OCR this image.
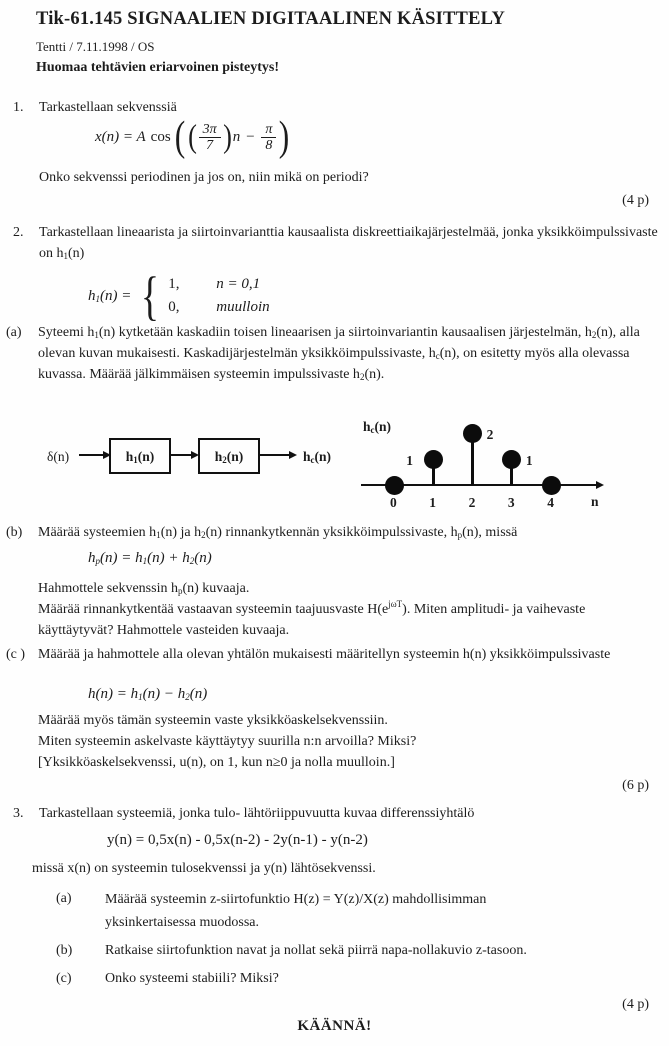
Tik-61.145 SIGNAALIEN DIGITAALINEN KÄSITTELY
Tentti / 7.11.1998 / OS
Huomaa tehtävien eriarvoinen pisteytys!
1. Tarkastellaan sekvenssiä
x(n) = A cos ( ( $\frac{3\pi}{7}$ ) $n - \frac{\pi}{8}$ )
Onko sekvenssi periodinen ja jos on, niin mikä on periodi?
(4 p)
2. Tarkastellaan lineaarista ja siirtoinvarianttia kausaalista diskreettiaikajärjestelmää, jonka yksikköimpulssivaste on $h_1(n)$
$h_1(n)$ = { 1,	n = 0,1
0,	muulloin
(a) Syteemi $h_1(n)$ kytketään kaskadiin toisen lineaarisen ja siirtoinvariantin kausaalisen järjestelmän, $h_2(n)$, alla olevan kuvan mukaisesti. Kaskadijärjestelmän yksikköimpulssivaste, $h_c(n)$, on esitetty myös alla olevassa kuvassa. Määrää jälkimmäisen systeemin impulssivaste $h_2(n)$.
δ(n)	$h_1(n)$	$h_2(n)$	$h_c(n)$
$h_c(n)$
n
0 1
1
2
2
3
1
4
(b) Määrää systeemien $h_1(n)$ ja $h_2(n)$ rinnankytkennän yksikköimpulssivaste, $h_p(n)$, missä
$h_p(n) = h_1(n) + h_2(n)$
Hahmottele sekvenssin $h_p(n)$ kuvaaja.
Määrää rinnankytkentää vastaavan systeemin taajuusvaste $H(e^{j\omega T})$. Miten amplitudi- ja vaihevaste käyttäytyvät? Hahmottele vasteiden kuvaaja.
(c ) Määrää ja hahmottele alla olevan yhtälön mukaisesti määritellyn systeemin h(n) yksikköimpulssivaste
$h(n) = h_1(n) - h_2(n)$
Määrää myös tämän systeemin vaste yksikköaskelsekvenssiin.
Miten systeemin askelvaste käyttäytyy suurilla n:n arvoilla? Miksi?
[Yksikköaskelsekvenssi, u(n), on 1, kun n≥0 ja nolla muulloin.]
(6 p)
3. Tarkastellaan systeemiä, jonka tulo- lähtöriippuvuutta kuvaa differenssiyhtälö
y(n) = 0,5x(n) - 0,5x(n-2) - 2y(n-1) - y(n-2)
missä x(n) on systeemin tulosekvenssi ja y(n) lähtösekvenssi.
(a) Määrää systeemin z-siirtofunktio H(z) = Y(z)/X(z) mahdollisimman yksinkertaisessa muodossa.
(b) Ratkaise siirtofunktion navat ja nollat sekä piirrä napa-nollakuvio z-tasoon.
(c) Onko systeemi stabiili? Miksi?
(4 p)
KÄÄNNÄ!
